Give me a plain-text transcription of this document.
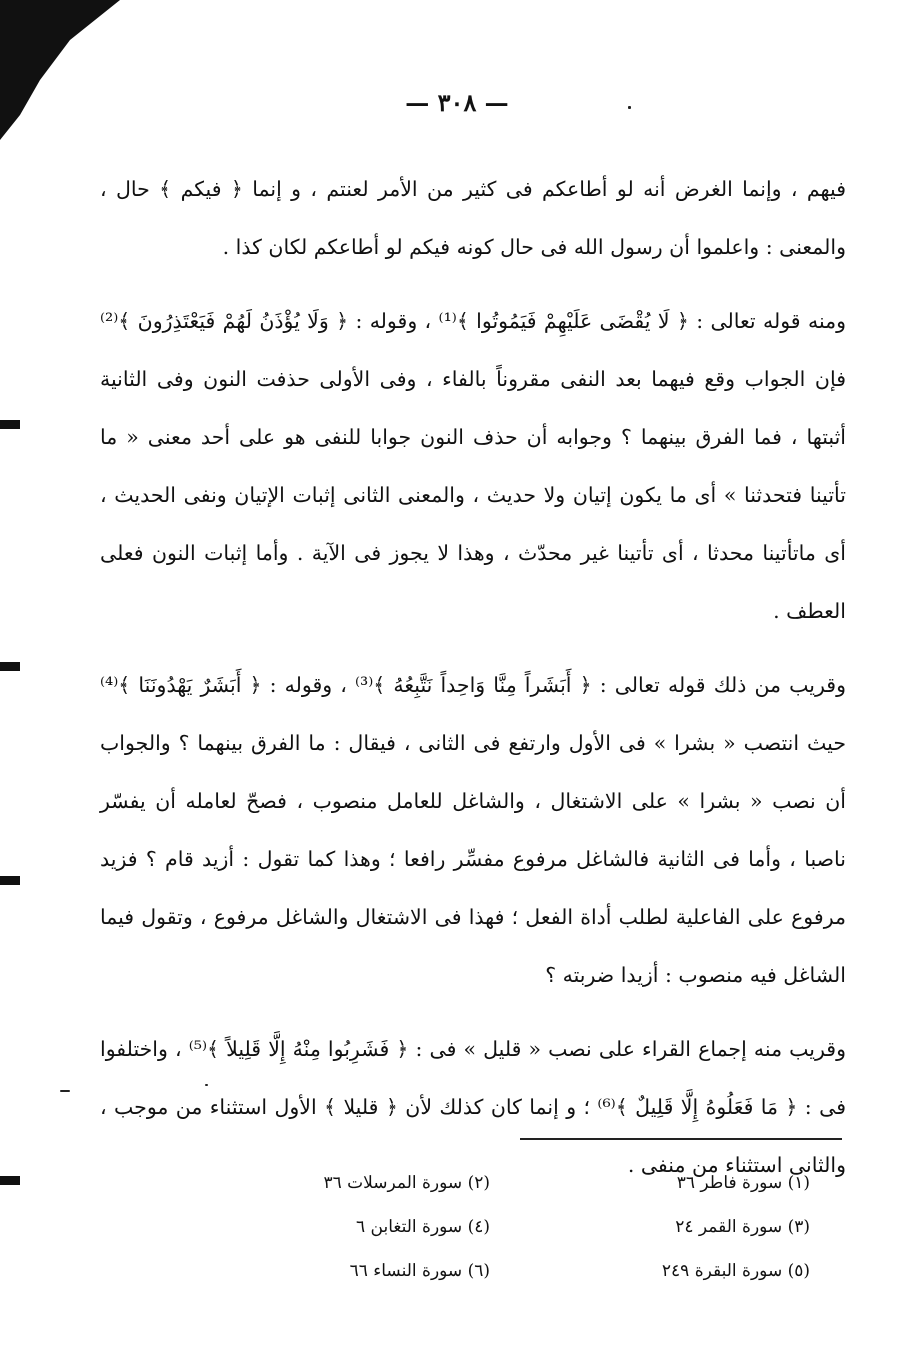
— ٣٠٨ —

فيهم ، وإنما الغرض أنه لو أطاعكم فى كثير من الأمر لعنتم ، و إنما ﴿ فيكم ﴾ حال ، والمعنى : واعلموا أن رسول الله فى حال كونه فيكم لو أطاعكم لكان كذا .

ومنه قوله تعالى : ﴿ لَا يُقْضَى عَلَيْهِمْ فَيَمُوتُوا ﴾⁽¹⁾ ، وقوله : ﴿ وَلَا يُؤْذَنُ لَهُمْ فَيَعْتَذِرُونَ ﴾⁽²⁾ فإن الجواب وقع فيهما بعد النفى مقروناً بالفاء ، وفى الأولى حذفت النون وفى الثانية أثبتها ، فما الفرق بينهما ؟ وجوابه أن حذف النون جوابا للنفى هو على أحد معنى « ما تأتينا فتحدثنا » أى ما يكون إتيان ولا حديث ، والمعنى الثانى إثبات الإتيان ونفى الحديث ، أى ماتأتينا محدثا ، أى تأتينا غير محدّث ، وهذا لا يجوز فى الآية . وأما إثبات النون فعلى العطف .

وقريب من ذلك قوله تعالى : ﴿ أَبَشَراً مِنَّا وَاحِداً نَتَّبِعُهُ ﴾⁽³⁾ ، وقوله : ﴿ أَبَشَرٌ يَهْدُونَنَا ﴾⁽⁴⁾ حيث انتصب « بشرا » فى الأول وارتفع فى الثانى ، فيقال : ما الفرق بينهما ؟ والجواب أن نصب « بشرا » على الاشتغال ، والشاغل للعامل منصوب ، فصحّ لعامله أن يفسّر ناصبا ، وأما فى الثانية فالشاغل مرفوع مفسِّر رافعا ؛ وهذا كما تقول : أزيد قام ؟ فزيد مرفوع على الفاعلية لطلب أداة الفعل ؛ فهذا فى الاشتغال والشاغل مرفوع ، وتقول فيما الشاغل فيه منصوب : أزيدا ضربته ؟

وقريب منه إجماع القراء على نصب « قليل » فى : ﴿ فَشَرِبُوا مِنْهُ إِلَّا قَلِيلاً ﴾⁽⁵⁾ ، واختلفوا فى : ﴿ مَا فَعَلُوهُ إِلَّا قَلِيلٌ ﴾⁽⁶⁾ ؛ و إنما كان كذلك لأن ﴿ قليلا ﴾ الأول استثناء من موجب ، والثانى استثناء من منفى .

(١) سورة فاطر ٣٦
(٢) سورة المرسلات ٣٦
(٣) سورة القمر ٢٤
(٤) سورة التغابن ٦
(٥) سورة البقرة ٢٤٩
(٦) سورة النساء ٦٦
